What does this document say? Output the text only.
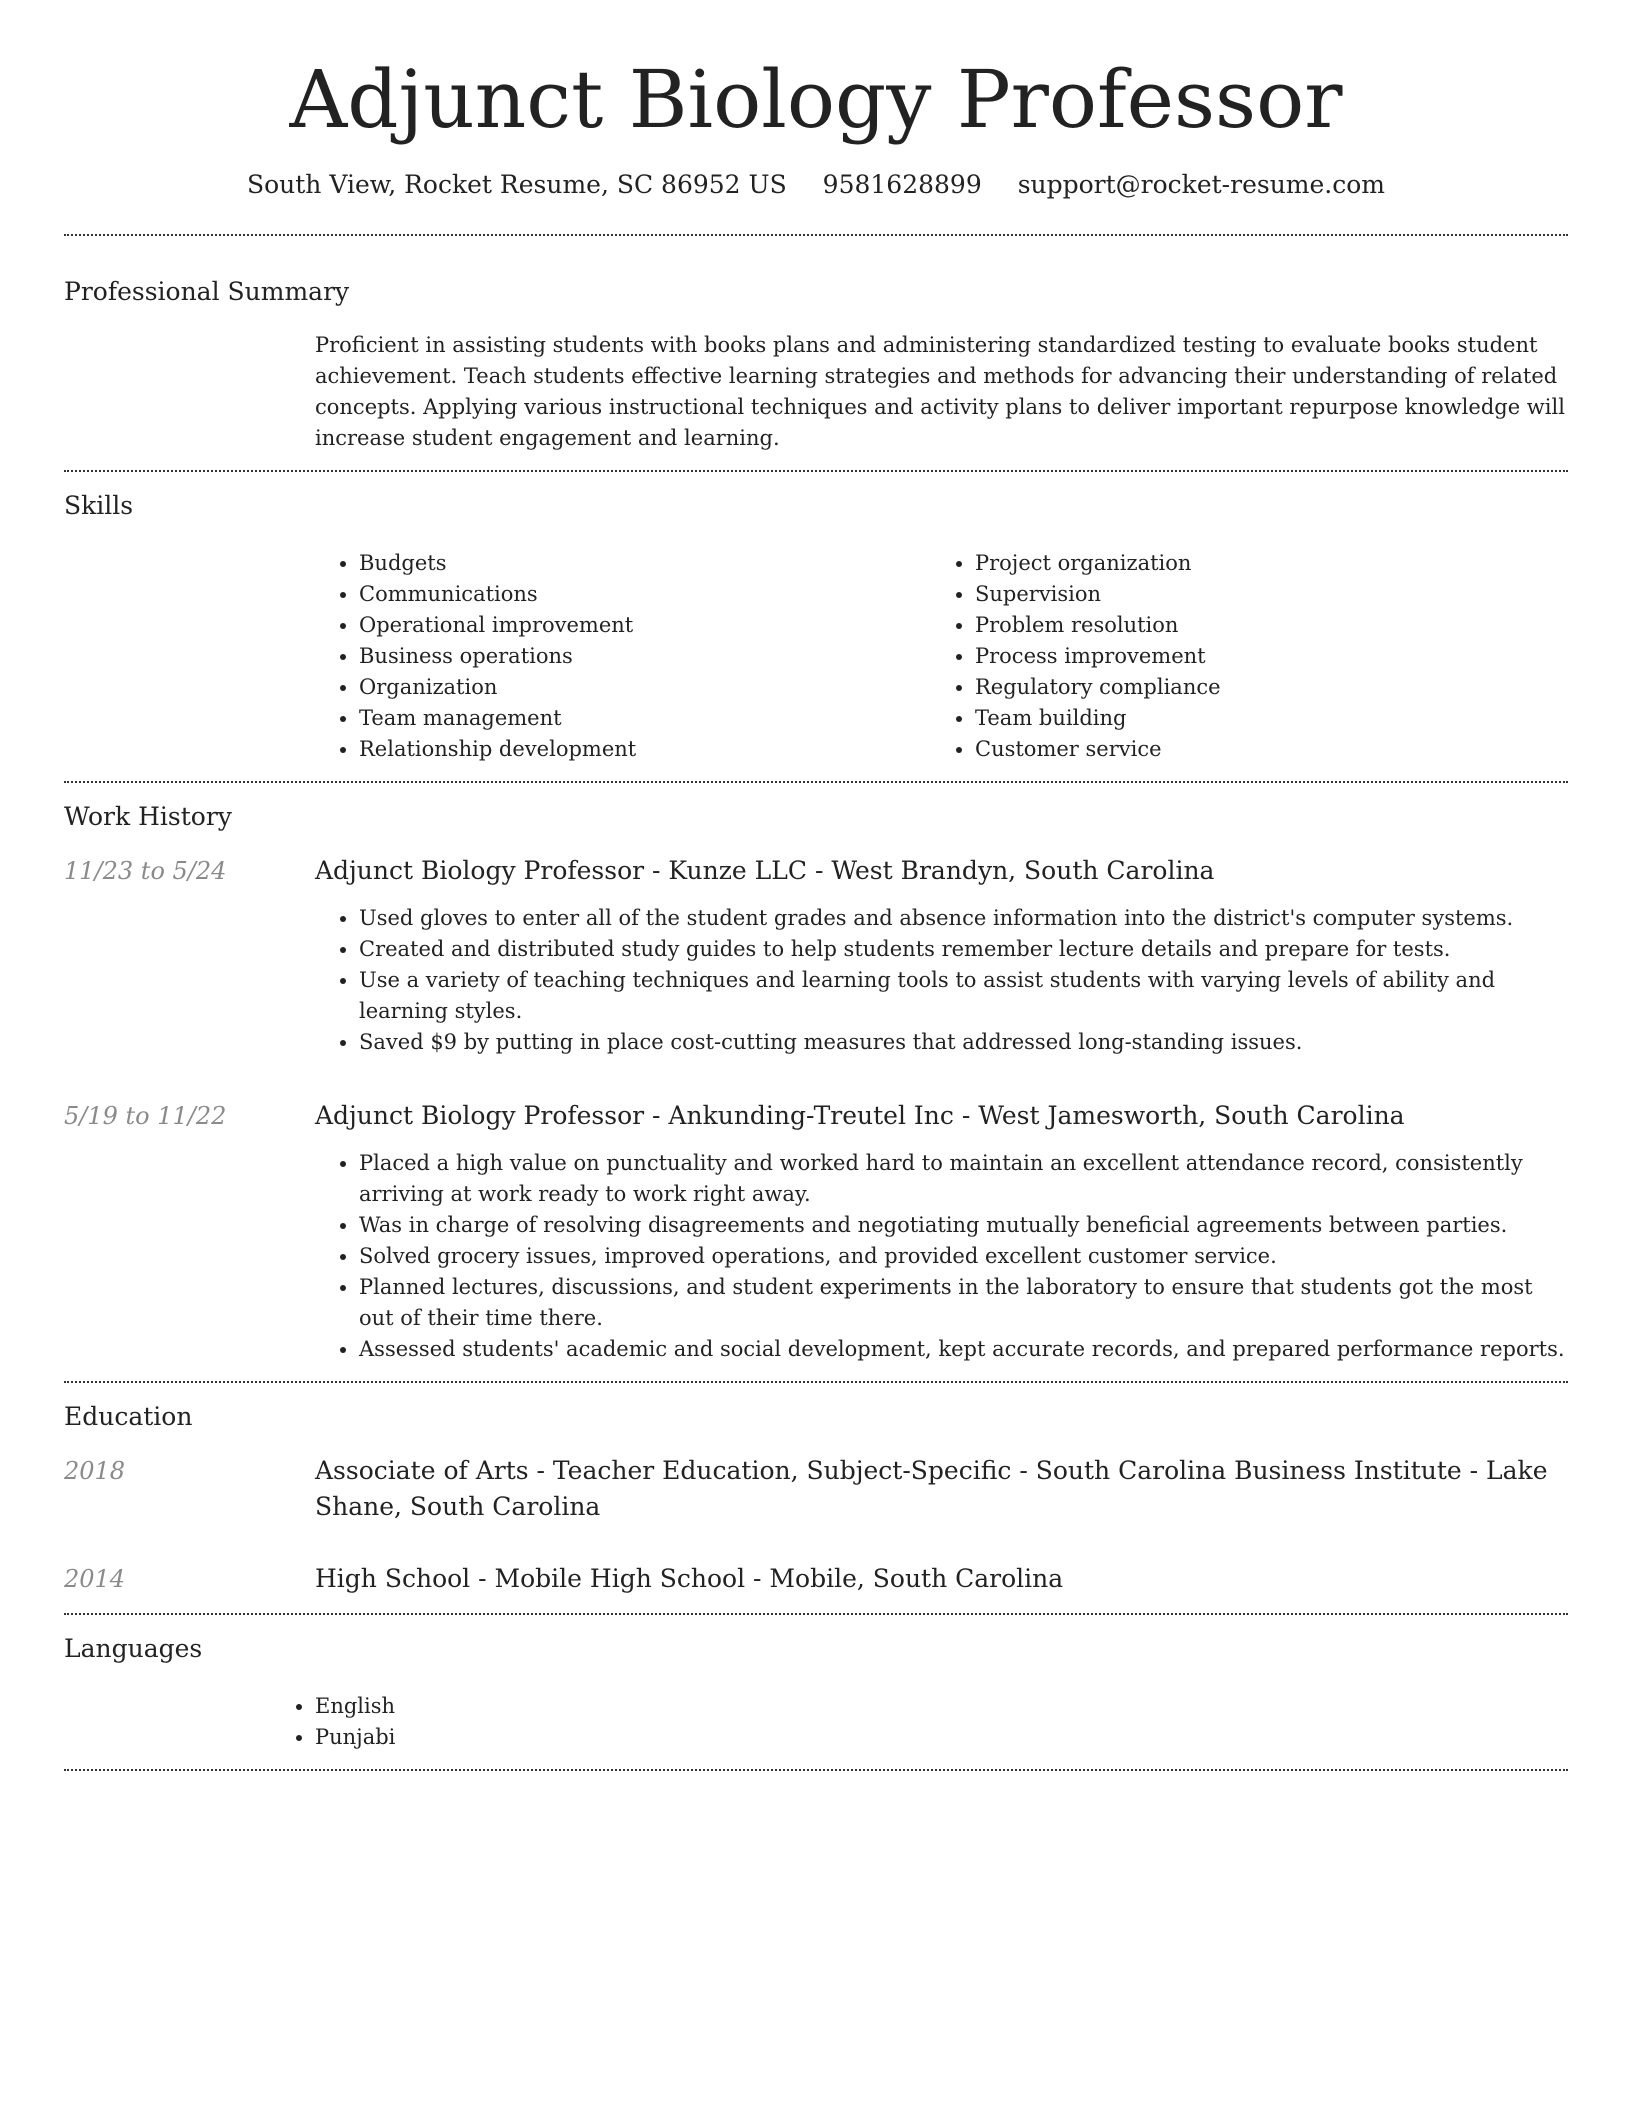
Adjunct Biology Professor
South View, Rocket Resume, SC 86952 US 9581628899 support@rocket-resume.com
Professional Summary

Proficient in assisting students with books plans and administering standardized testing to evaluate books student achievement. Teach students effective learning strategies and methods for advancing their understanding of related concepts. Applying various instructional techniques and activity plans to deliver important repurpose knowledge will increase student engagement and learning.

Skills
• Budgets
• Communications
• Operational improvement
• Business operations
• Organization
• Team management
• Relationship development
• Project organization
• Supervision
• Problem resolution
• Process improvement
• Regulatory compliance
• Team building
• Customer service
Work History
11/23 to 5/24	Adjunct Biology Professor - Kunze LLC - West Brandyn, South Carolina
• Used gloves to enter all of the student grades and absence information into the district's computer systems.
• Created and distributed study guides to help students remember lecture details and prepare for tests.
• Use a variety of teaching techniques and learning tools to assist students with varying levels of ability and learning styles.
• Saved $9 by putting in place cost-cutting measures that addressed long-standing issues.
5/19 to 11/22	Adjunct Biology Professor - Ankunding-Treutel Inc - West Jamesworth, South Carolina
• Placed a high value on punctuality and worked hard to maintain an excellent attendance record, consistently arriving at work ready to work right away.
• Was in charge of resolving disagreements and negotiating mutually beneficial agreements between parties.
• Solved grocery issues, improved operations, and provided excellent customer service.
• Planned lectures, discussions, and student experiments in the laboratory to ensure that students got the most out of their time there.
• Assessed students' academic and social development, kept accurate records, and prepared performance reports.
Education
2018	Associate of Arts - Teacher Education, Subject-Specific - South Carolina Business Institute - Lake Shane, South Carolina
2014	High School - Mobile High School - Mobile, South Carolina
Languages
• English
• Punjabi
